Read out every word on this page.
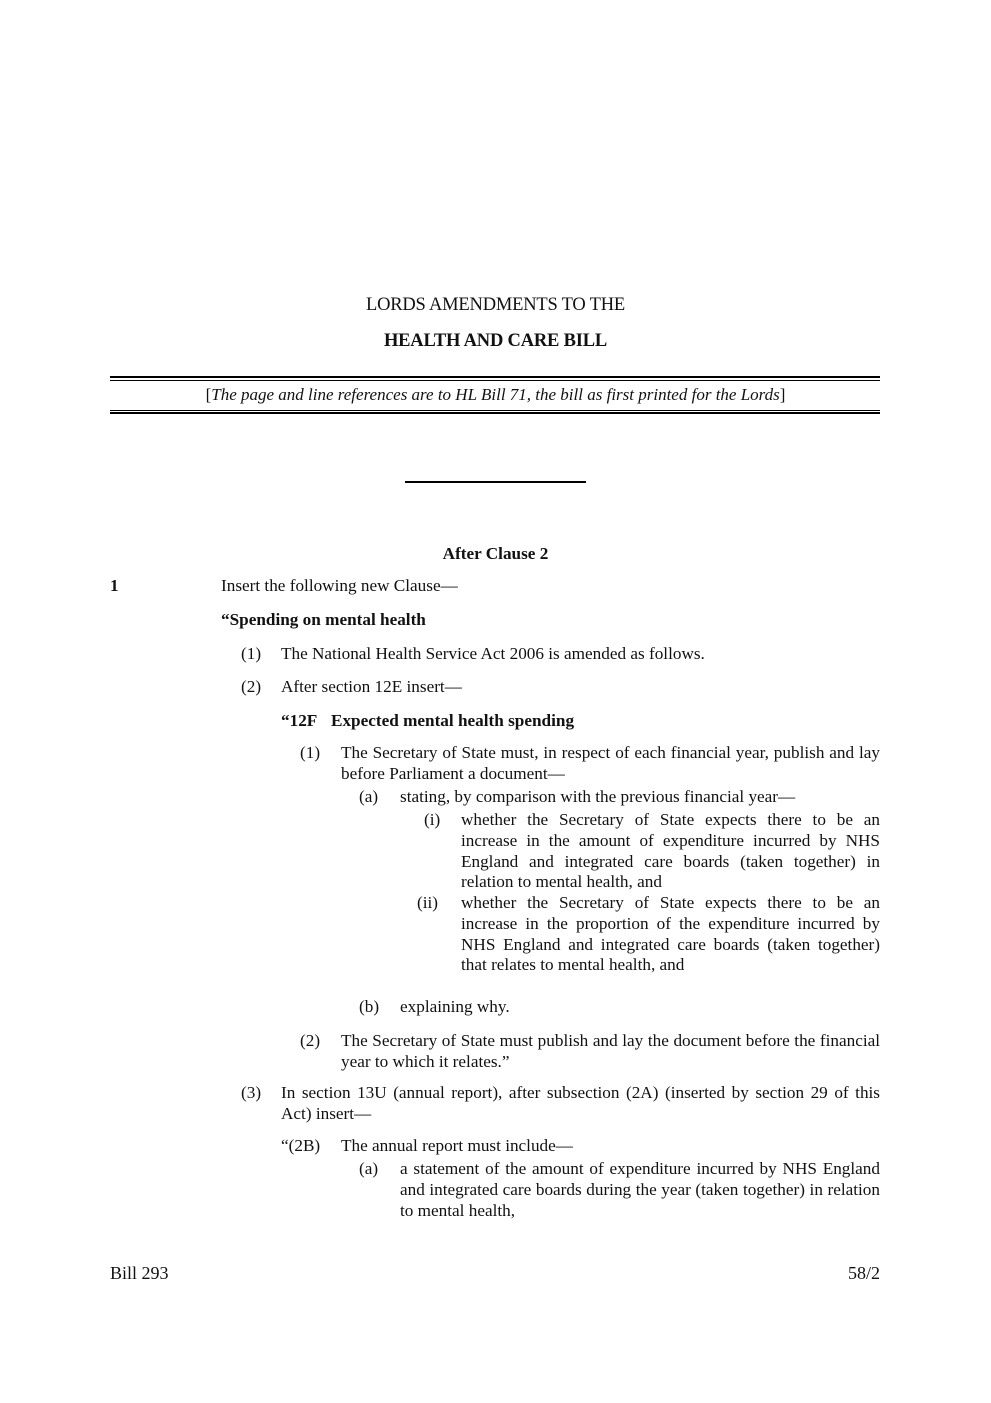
LORDS AMENDMENTS TO THE
HEALTH AND CARE BILL
[The page and line references are to HL Bill 71, the bill as first printed for the Lords]
After Clause 2
1	Insert the following new Clause—
“Spending on mental health
(1) The National Health Service Act 2006 is amended as follows.
(2) After section 12E insert—
“12F Expected mental health spending
(1) The Secretary of State must, in respect of each financial year, publish and lay before Parliament a document—
(a) stating, by comparison with the previous financial year—
(i) whether the Secretary of State expects there to be an increase in the amount of expenditure incurred by NHS England and integrated care boards (taken together) in relation to mental health, and
(ii) whether the Secretary of State expects there to be an increase in the proportion of the expenditure incurred by NHS England and integrated care boards (taken together) that relates to mental health, and
(b) explaining why.
(2) The Secretary of State must publish and lay the document before the financial year to which it relates.”
(3) In section 13U (annual report), after subsection (2A) (inserted by section 29 of this Act) insert—
“(2B) The annual report must include—
(a) a statement of the amount of expenditure incurred by NHS England and integrated care boards during the year (taken together) in relation to mental health,
Bill 293	58/2
